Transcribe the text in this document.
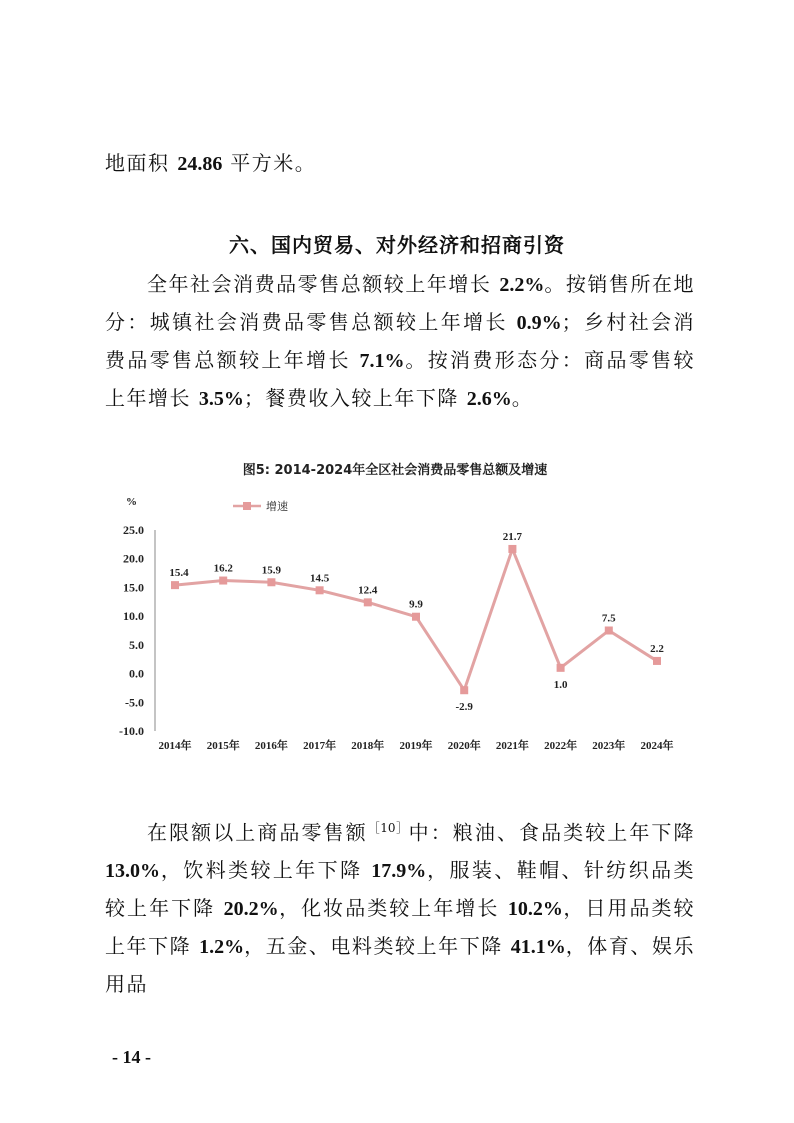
地面积 24.86 平方米。

六、国内贸易、对外经济和招商引资

全年社会消费品零售总额较上年增长 2.2%。按销售所在地分：城镇社会消费品零售总额较上年增长 0.9%；乡村社会消费品零售总额较上年增长 7.1%。按消费形态分：商品零售较上年增长 3.5%；餐费收入较上年下降 2.6%。

图5: 2014-2024年全区社会消费品零售总额及增速
%	增速
25.0
20.0
15.0
10.0
5.0
0.0
-5.0
-10.0
2014年 2015年 2016年 2017年 2018年 2019年 2020年 2021年 2022年 2023年 2024年
15.4 16.2	15.9
14.5
12.4
9.9
-2.9
21.7
1.0
7.5
2.2

在限额以上商品零售额$^{[10]}$中：粮油、食品类较上年下降 13.0%，饮料类较上年下降 17.9%，服装、鞋帽、针纺织品类较上年下降 20.2%，化妆品类较上年增长 10.2%，日用品类较上年下降 1.2%，五金、电料类较上年下降 41.1%，体育、娱乐用品

- 14 -
